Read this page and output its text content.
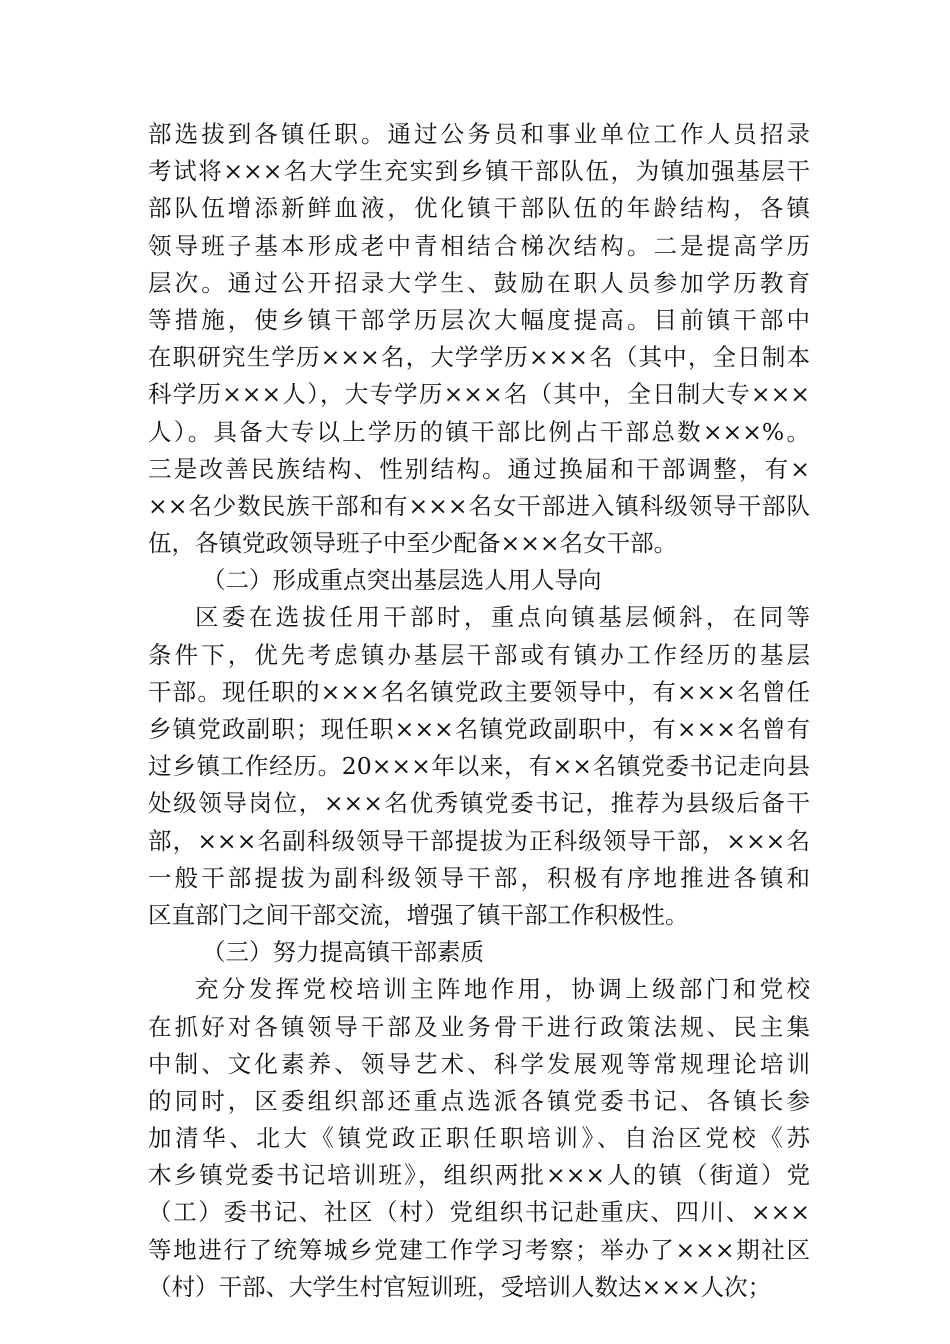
部选拔到各镇任职。通过公务员和事业单位工作人员招录
考试将×××名大学生充实到乡镇干部队伍，为镇加强基层干
部队伍增添新鲜血液，优化镇干部队伍的年龄结构，各镇
领导班子基本形成老中青相结合梯次结构。二是提高学历
层次。通过公开招录大学生、鼓励在职人员参加学历教育
等措施，使乡镇干部学历层次大幅度提高。目前镇干部中
在职研究生学历×××名，大学学历×××名（其中，全日制本
科学历×××人），大专学历×××名（其中，全日制大专×××
人）。具备大专以上学历的镇干部比例占干部总数×××%。
三是改善民族结构、性别结构。通过换届和干部调整，有×
××名少数民族干部和有×××名女干部进入镇科级领导干部队
伍，各镇党政领导班子中至少配备×××名女干部。
（二）形成重点突出基层选人用人导向
区委在选拔任用干部时，重点向镇基层倾斜，在同等
条件下，优先考虑镇办基层干部或有镇办工作经历的基层
干部。现任职的×××名名镇党政主要领导中，有×××名曾任
乡镇党政副职；现任职×××名镇党政副职中，有×××名曾有
过乡镇工作经历。20×××年以来，有××名镇党委书记走向县
处级领导岗位，×××名优秀镇党委书记，推荐为县级后备干
部，×××名副科级领导干部提拔为正科级领导干部，×××名
一般干部提拔为副科级领导干部，积极有序地推进各镇和
区直部门之间干部交流，增强了镇干部工作积极性。
（三）努力提高镇干部素质
充分发挥党校培训主阵地作用，协调上级部门和党校
在抓好对各镇领导干部及业务骨干进行政策法规、民主集
中制、文化素养、领导艺术、科学发展观等常规理论培训
的同时，区委组织部还重点选派各镇党委书记、各镇长参
加清华、北大《镇党政正职任职培训》、自治区党校《苏
木乡镇党委书记培训班》，组织两批×××人的镇（街道）党
（工）委书记、社区（村）党组织书记赴重庆、四川、×××
等地进行了统筹城乡党建工作学习考察；举办了×××期社区
（村）干部、大学生村官短训班，受培训人数达×××人次；
